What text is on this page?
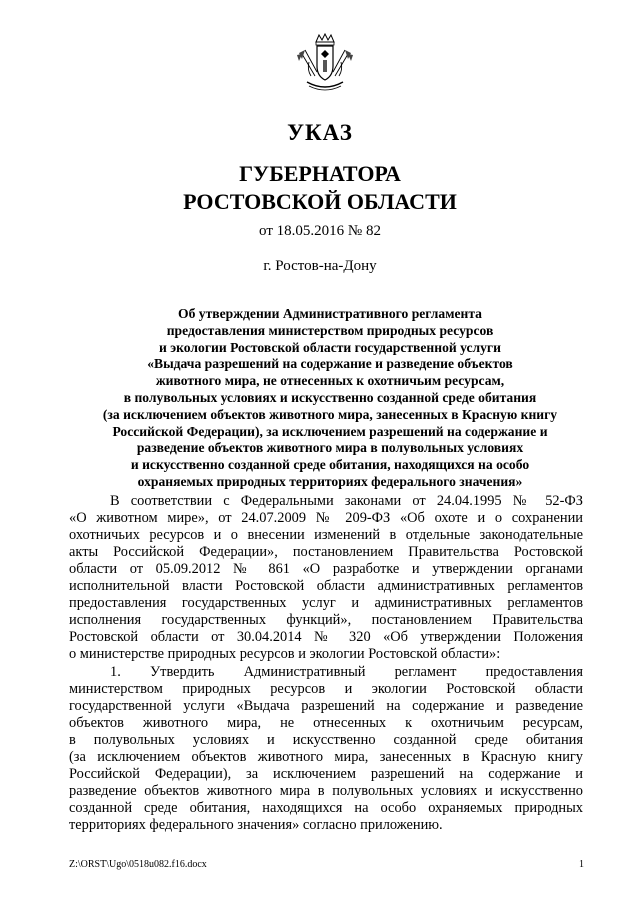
УКАЗ
ГУБЕРНАТОРА
РОСТОВСКОЙ ОБЛАСТИ
от 18.05.2016 № 82
г. Ростов-на-Дону
Об утверждении Административного регламента
предоставления министерством природных ресурсов
и экологии Ростовской области государственной услуги
«Выдача разрешений на содержание и разведение объектов
животного мира, не отнесенных к охотничьим ресурсам,
в полувольных условиях и искусственно созданной среде обитания
(за исключением объектов животного мира, занесенных в Красную книгу
Российской Федерации), за исключением разрешений на содержание и
разведение объектов животного мира в полувольных условиях
и искусственно созданной среде обитания, находящихся на особо
охраняемых природных территориях федерального значения»
В соответствии с Федеральными законами от 24.04.1995 № 52-ФЗ
«О животном мире», от 24.07.2009 № 209-ФЗ «Об охоте и о сохранении
охотничьих ресурсов и о внесении изменений в отдельные законодательные
акты Российской Федерации», постановлением Правительства Ростовской
области от 05.09.2012 № 861 «О разработке и утверждении органами
исполнительной власти Ростовской области административных регламентов
предоставления государственных услуг и административных регламентов
исполнения государственных функций», постановлением Правительства
Ростовской области от 30.04.2014 № 320 «Об утверждении Положения
о министерстве природных ресурсов и экологии Ростовской области»:
1. Утвердить Административный регламент предоставления
министерством природных ресурсов и экологии Ростовской области
государственной услуги «Выдача разрешений на содержание и разведение
объектов животного мира, не отнесенных к охотничьим ресурсам,
в полувольных условиях и искусственно созданной среде обитания
(за исключением объектов животного мира, занесенных в Красную книгу
Российской Федерации), за исключением разрешений на содержание и
разведение объектов животного мира в полувольных условиях и искусственно
созданной среде обитания, находящихся на особо охраняемых природных
территориях федерального значения» согласно приложению.
Z:\ORST\Ugo\0518u082.f16.docx	1
